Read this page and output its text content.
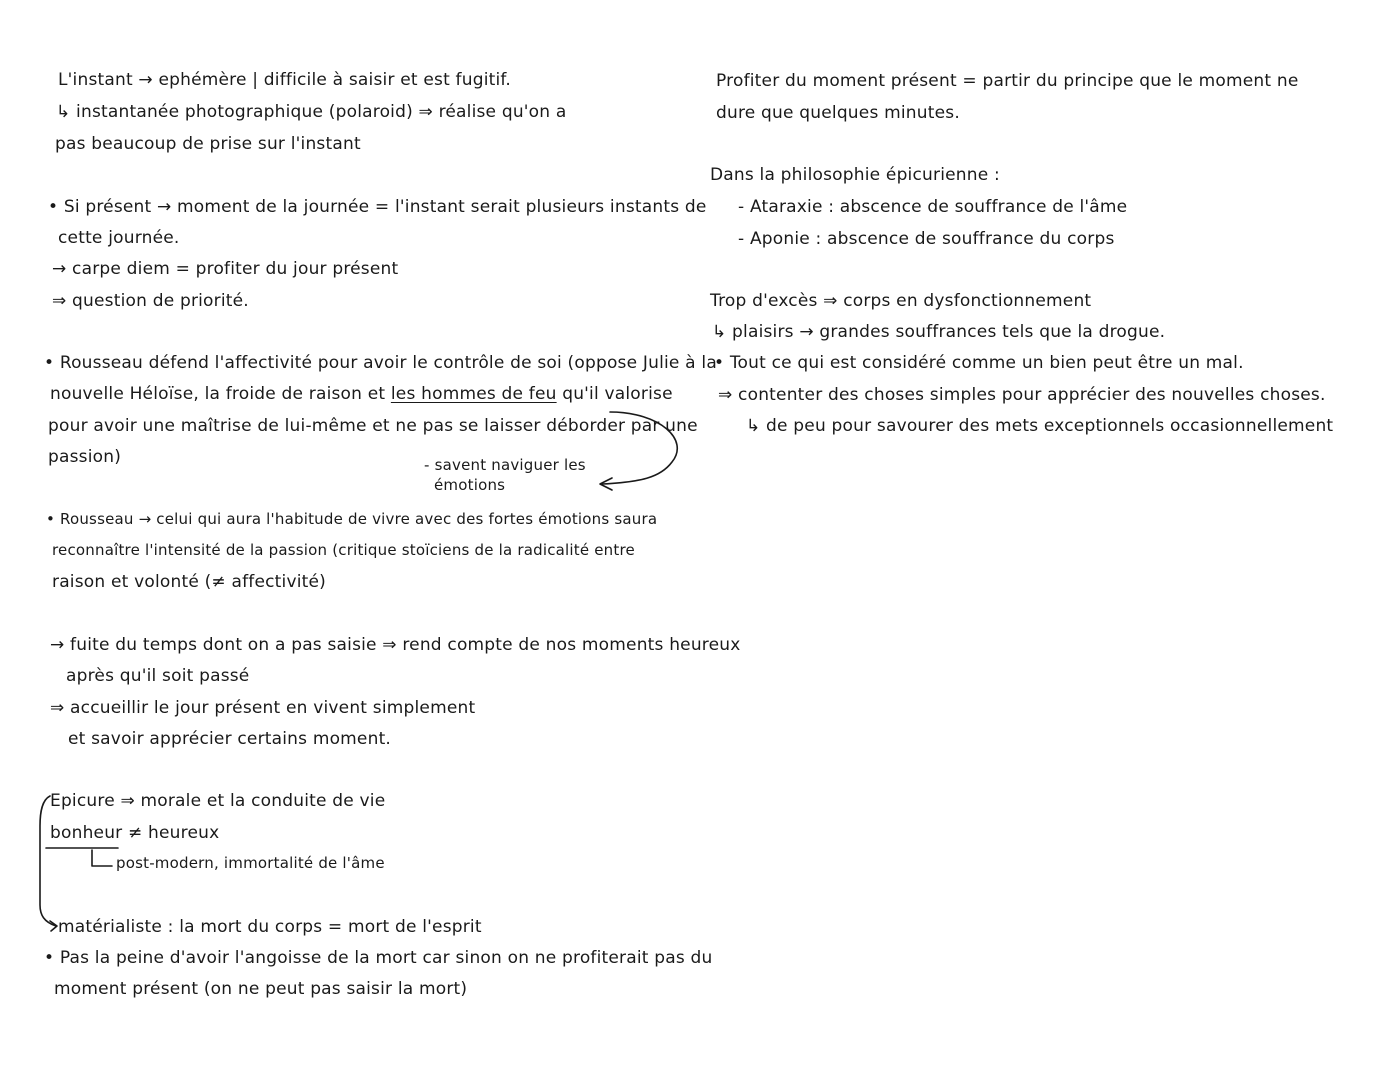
L'instant → ephémère | difficile à saisir et est fugitif.
↳ instantanée photographique (polaroid) ⇒ réalise qu'on a
pas beaucoup de prise sur l'instant
• Si présent → moment de la journée = l'instant serait plusieurs instants de
cette journée.
→ carpe diem = profiter du jour présent
⇒ question de priorité.
• Rousseau défend l'affectivité pour avoir le contrôle de soi (oppose Julie à la
nouvelle Héloïse, la froide de raison et les hommes de feu qu'il valorise
pour avoir une maîtrise de lui-même et ne pas se laisser déborder par une
passion)	- savent naviguer les
émotions
• Rousseau → celui qui aura l'habitude de vivre avec des fortes émotions saura
reconnaître l'intensité de la passion (critique stoïciens de la radicalité entre
raison et volonté (≠ affectivité)
→ fuite du temps dont on a pas saisie ⇒ rend compte de nos moments heureux
après qu'il soit passé
⇒ accueillir le jour présent en vivent simplement
et savoir apprécier certains moment.
Epicure ⇒ morale et la conduite de vie
bonheur ≠ heureux
post-modern, immortalité de l'âme
matérialiste : la mort du corps = mort de l'esprit
• Pas la peine d'avoir l'angoisse de la mort car sinon on ne profiterait pas du
moment présent (on ne peut pas saisir la mort)
Profiter du moment présent = partir du principe que le moment ne
dure que quelques minutes.
Dans la philosophie épicurienne :
- Ataraxie : abscence de souffrance de l'âme
- Aponie : abscence de souffrance du corps
Trop d'excès ⇒ corps en dysfonctionnement
↳ plaisirs → grandes souffrances tels que la drogue.
• Tout ce qui est considéré comme un bien peut être un mal.
⇒ contenter des choses simples pour apprécier des nouvelles choses.
↳ de peu pour savourer des mets exceptionnels occasionnellement
